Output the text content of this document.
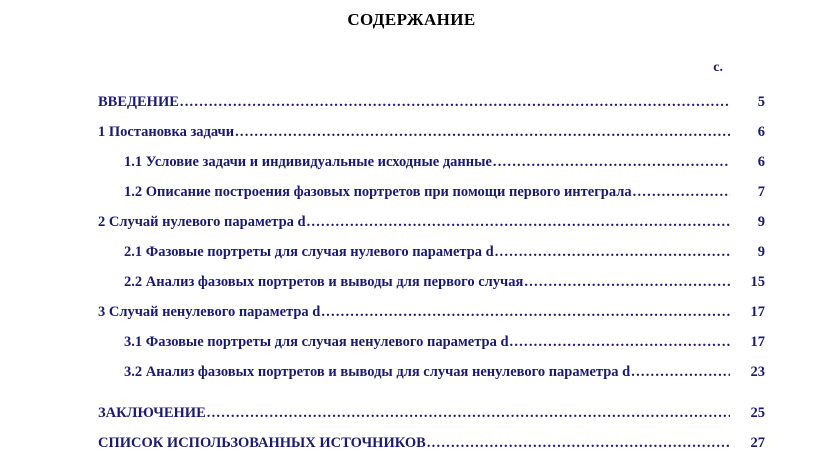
СОДЕРЖАНИЕ
с.
ВВЕДЕНИЕ .....	5
1 Постановка задачи .....	6
1.1 Условие задачи и индивидуальные исходные данные .....	6
1.2 Описание построения фазовых портретов при помощи первого интеграла .....	7
2 Случай нулевого параметра d .....	9
2.1 Фазовые портреты для случая нулевого параметра d .....	9
2.2 Анализ фазовых портретов и выводы для первого случая .....	15
3 Случай ненулевого параметра d .....	17
3.1 Фазовые портреты для случая ненулевого параметра d .....	17
3.2 Анализ фазовых портретов и выводы для случая ненулевого параметра d .....	23
ЗАКЛЮЧЕНИЕ .....	25
СПИСОК ИСПОЛЬЗОВАННЫХ ИСТОЧНИКОВ .....	27
